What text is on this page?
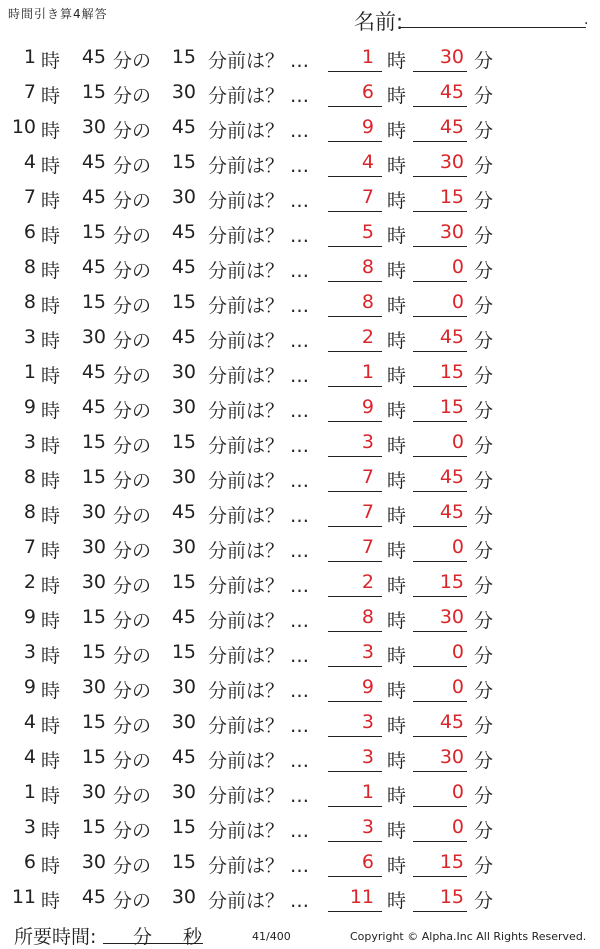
時間引き算4解答	名前:	.
1 時	45 分の	15 分前は？ …	1 時	30 分
7 時	15 分の	30 分前は？ …	6 時	45 分
10 時	30 分の	45 分前は？ …	9 時	45 分
4 時	45 分の	15 分前は？ …	4 時	30 分
7 時	45 分の	30 分前は？ …	7 時	15 分
6 時	15 分の	45 分前は？ …	5 時	30 分
8 時	45 分の	45 分前は？ …	8 時	0 分
8 時	15 分の	15 分前は？ …	8 時	0 分
3 時	30 分の	45 分前は？ …	2 時	45 分
1 時	45 分の	30 分前は？ …	1 時	15 分
9 時	45 分の	30 分前は？ …	9 時	15 分
3 時	15 分の	15 分前は？ …	3 時	0 分
8 時	15 分の	30 分前は？ …	7 時	45 分
8 時	30 分の	45 分前は？ …	7 時	45 分
7 時	30 分の	30 分前は？ …	7 時	0 分
2 時	30 分の	15 分前は？ …	2 時	15 分
9 時	15 分の	45 分前は？ …	8 時	30 分
3 時	15 分の	15 分前は？ …	3 時	0 分
9 時	30 分の	30 分前は？ …	9 時	0 分
4 時	15 分の	30 分前は？ …	3 時	45 分
4 時	15 分の	45 分前は？ …	3 時	30 分
1 時	30 分の	30 分前は？ …	1 時	0 分
3 時	15 分の	15 分前は？ …	3 時	0 分
6 時	30 分の	15 分前は？ …	6 時	15 分
11 時	45 分の	30 分前は？ …	11 時	15 分
所要時間: 分 秒	41/400	Copyright © Alpha.Inc All Rights Reserved.
